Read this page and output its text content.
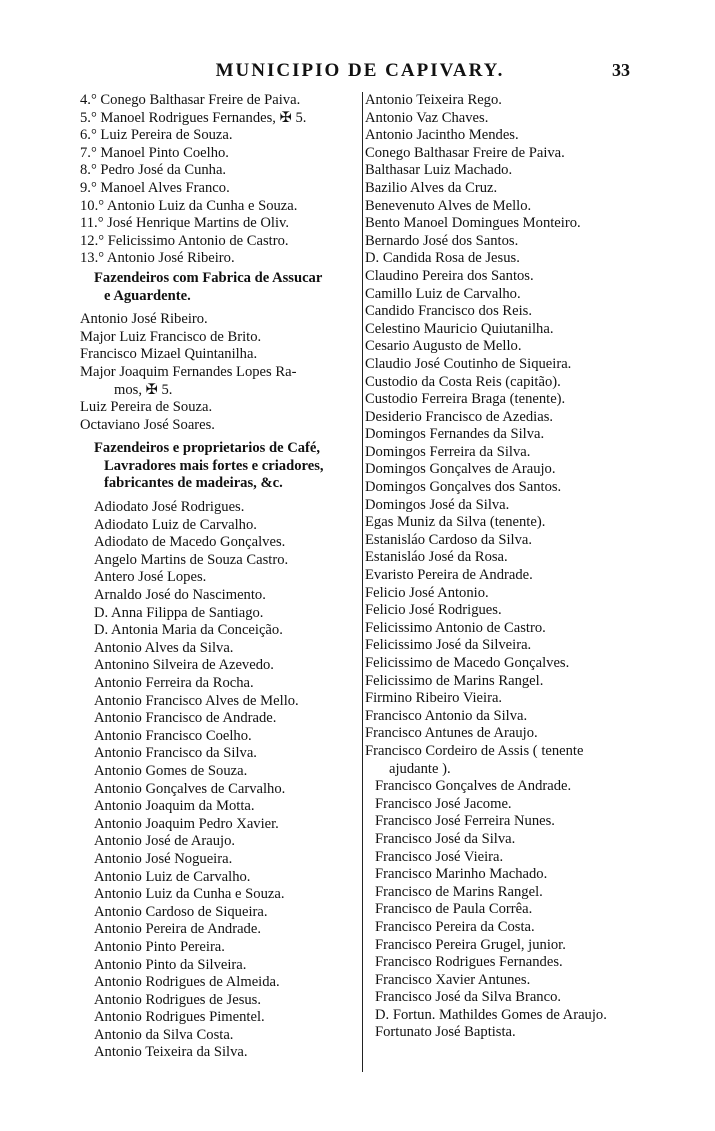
MUNICIPIO DE CAPIVARY.	33
4.° Conego Balthasar Freire de Paiva.
5.° Manoel Rodrigues Fernandes, ✠ 5.
6.° Luiz Pereira de Souza.
7.° Manoel Pinto Coelho.
8.° Pedro José da Cunha.
9.° Manoel Alves Franco.
10.° Antonio Luiz da Cunha e Souza.
11.° José Henrique Martins de Oliv.
12.° Felicissimo Antonio de Castro.
13.° Antonio José Ribeiro.
Fazendeiros com Fabrica de Assucar
e Aguardente.
Antonio José Ribeiro.
Major Luiz Francisco de Brito.
Francisco Mizael Quintanilha.
Major Joaquim Fernandes Lopes Ra-
mos, ✠ 5.
Luiz Pereira de Souza.
Octaviano José Soares.
Fazendeiros e proprietarios de Café,
Lavradores mais fortes e criadores,
fabricantes de madeiras, &c.
Adiodato José Rodrigues.
Adiodato Luiz de Carvalho.
Adiodato de Macedo Gonçalves.
Angelo Martins de Souza Castro.
Antero José Lopes.
Arnaldo José do Nascimento.
D. Anna Filippa de Santiago.
D. Antonia Maria da Conceição.
Antonio Alves da Silva.
Antonino Silveira de Azevedo.
Antonio Ferreira da Rocha.
Antonio Francisco Alves de Mello.
Antonio Francisco de Andrade.
Antonio Francisco Coelho.
Antonio Francisco da Silva.
Antonio Gomes de Souza.
Antonio Gonçalves de Carvalho.
Antonio Joaquim da Motta.
Antonio Joaquim Pedro Xavier.
Antonio José de Araujo.
Antonio José Nogueira.
Antonio Luiz de Carvalho.
Antonio Luiz da Cunha e Souza.
Antonio Cardoso de Siqueira.
Antonio Pereira de Andrade.
Antonio Pinto Pereira.
Antonio Pinto da Silveira.
Antonio Rodrigues de Almeida.
Antonio Rodrigues de Jesus.
Antonio Rodrigues Pimentel.
Antonio da Silva Costa.
Antonio Teixeira da Silva.
Antonio Teixeira Rego.
Antonio Vaz Chaves.
Antonio Jacintho Mendes.
Conego Balthasar Freire de Paiva.
Balthasar Luiz Machado.
Bazilio Alves da Cruz.
Benevenuto Alves de Mello.
Bento Manoel Domingues Monteiro.
Bernardo José dos Santos.
D. Candida Rosa de Jesus.
Claudino Pereira dos Santos.
Camillo Luiz de Carvalho.
Candido Francisco dos Reis.
Celestino Mauricio Quiutanilha.
Cesario Augusto de Mello.
Claudio José Coutinho de Siqueira.
Custodio da Costa Reis (capitão).
Custodio Ferreira Braga (tenente).
Desiderio Francisco de Azedias.
Domingos Fernandes da Silva.
Domingos Ferreira da Silva.
Domingos Gonçalves de Araujo.
Domingos Gonçalves dos Santos.
Domingos José da Silva.
Egas Muniz da Silva (tenente).
Estanisláo Cardoso da Silva.
Estanisláo José da Rosa.
Evaristo Pereira de Andrade.
Felicio José Antonio.
Felicio José Rodrigues.
Felicissimo Antonio de Castro.
Felicissimo José da Silveira.
Felicissimo de Macedo Gonçalves.
Felicissimo de Marins Rangel.
Firmino Ribeiro Vieira.
Francisco Antonio da Silva.
Francisco Antunes de Araujo.
Francisco Cordeiro de Assis ( tenente
ajudante ).
Francisco Gonçalves de Andrade.
Francisco José Jacome.
Francisco José Ferreira Nunes.
Francisco José da Silva.
Francisco José Vieira.
Francisco Marinho Machado.
Francisco de Marins Rangel.
Francisco de Paula Corrêa.
Francisco Pereira da Costa.
Francisco Pereira Grugel, junior.
Francisco Rodrigues Fernandes.
Francisco Xavier Antunes.
Francisco José da Silva Branco.
D. Fortun. Mathildes Gomes de Araujo.
Fortunato José Baptista.
